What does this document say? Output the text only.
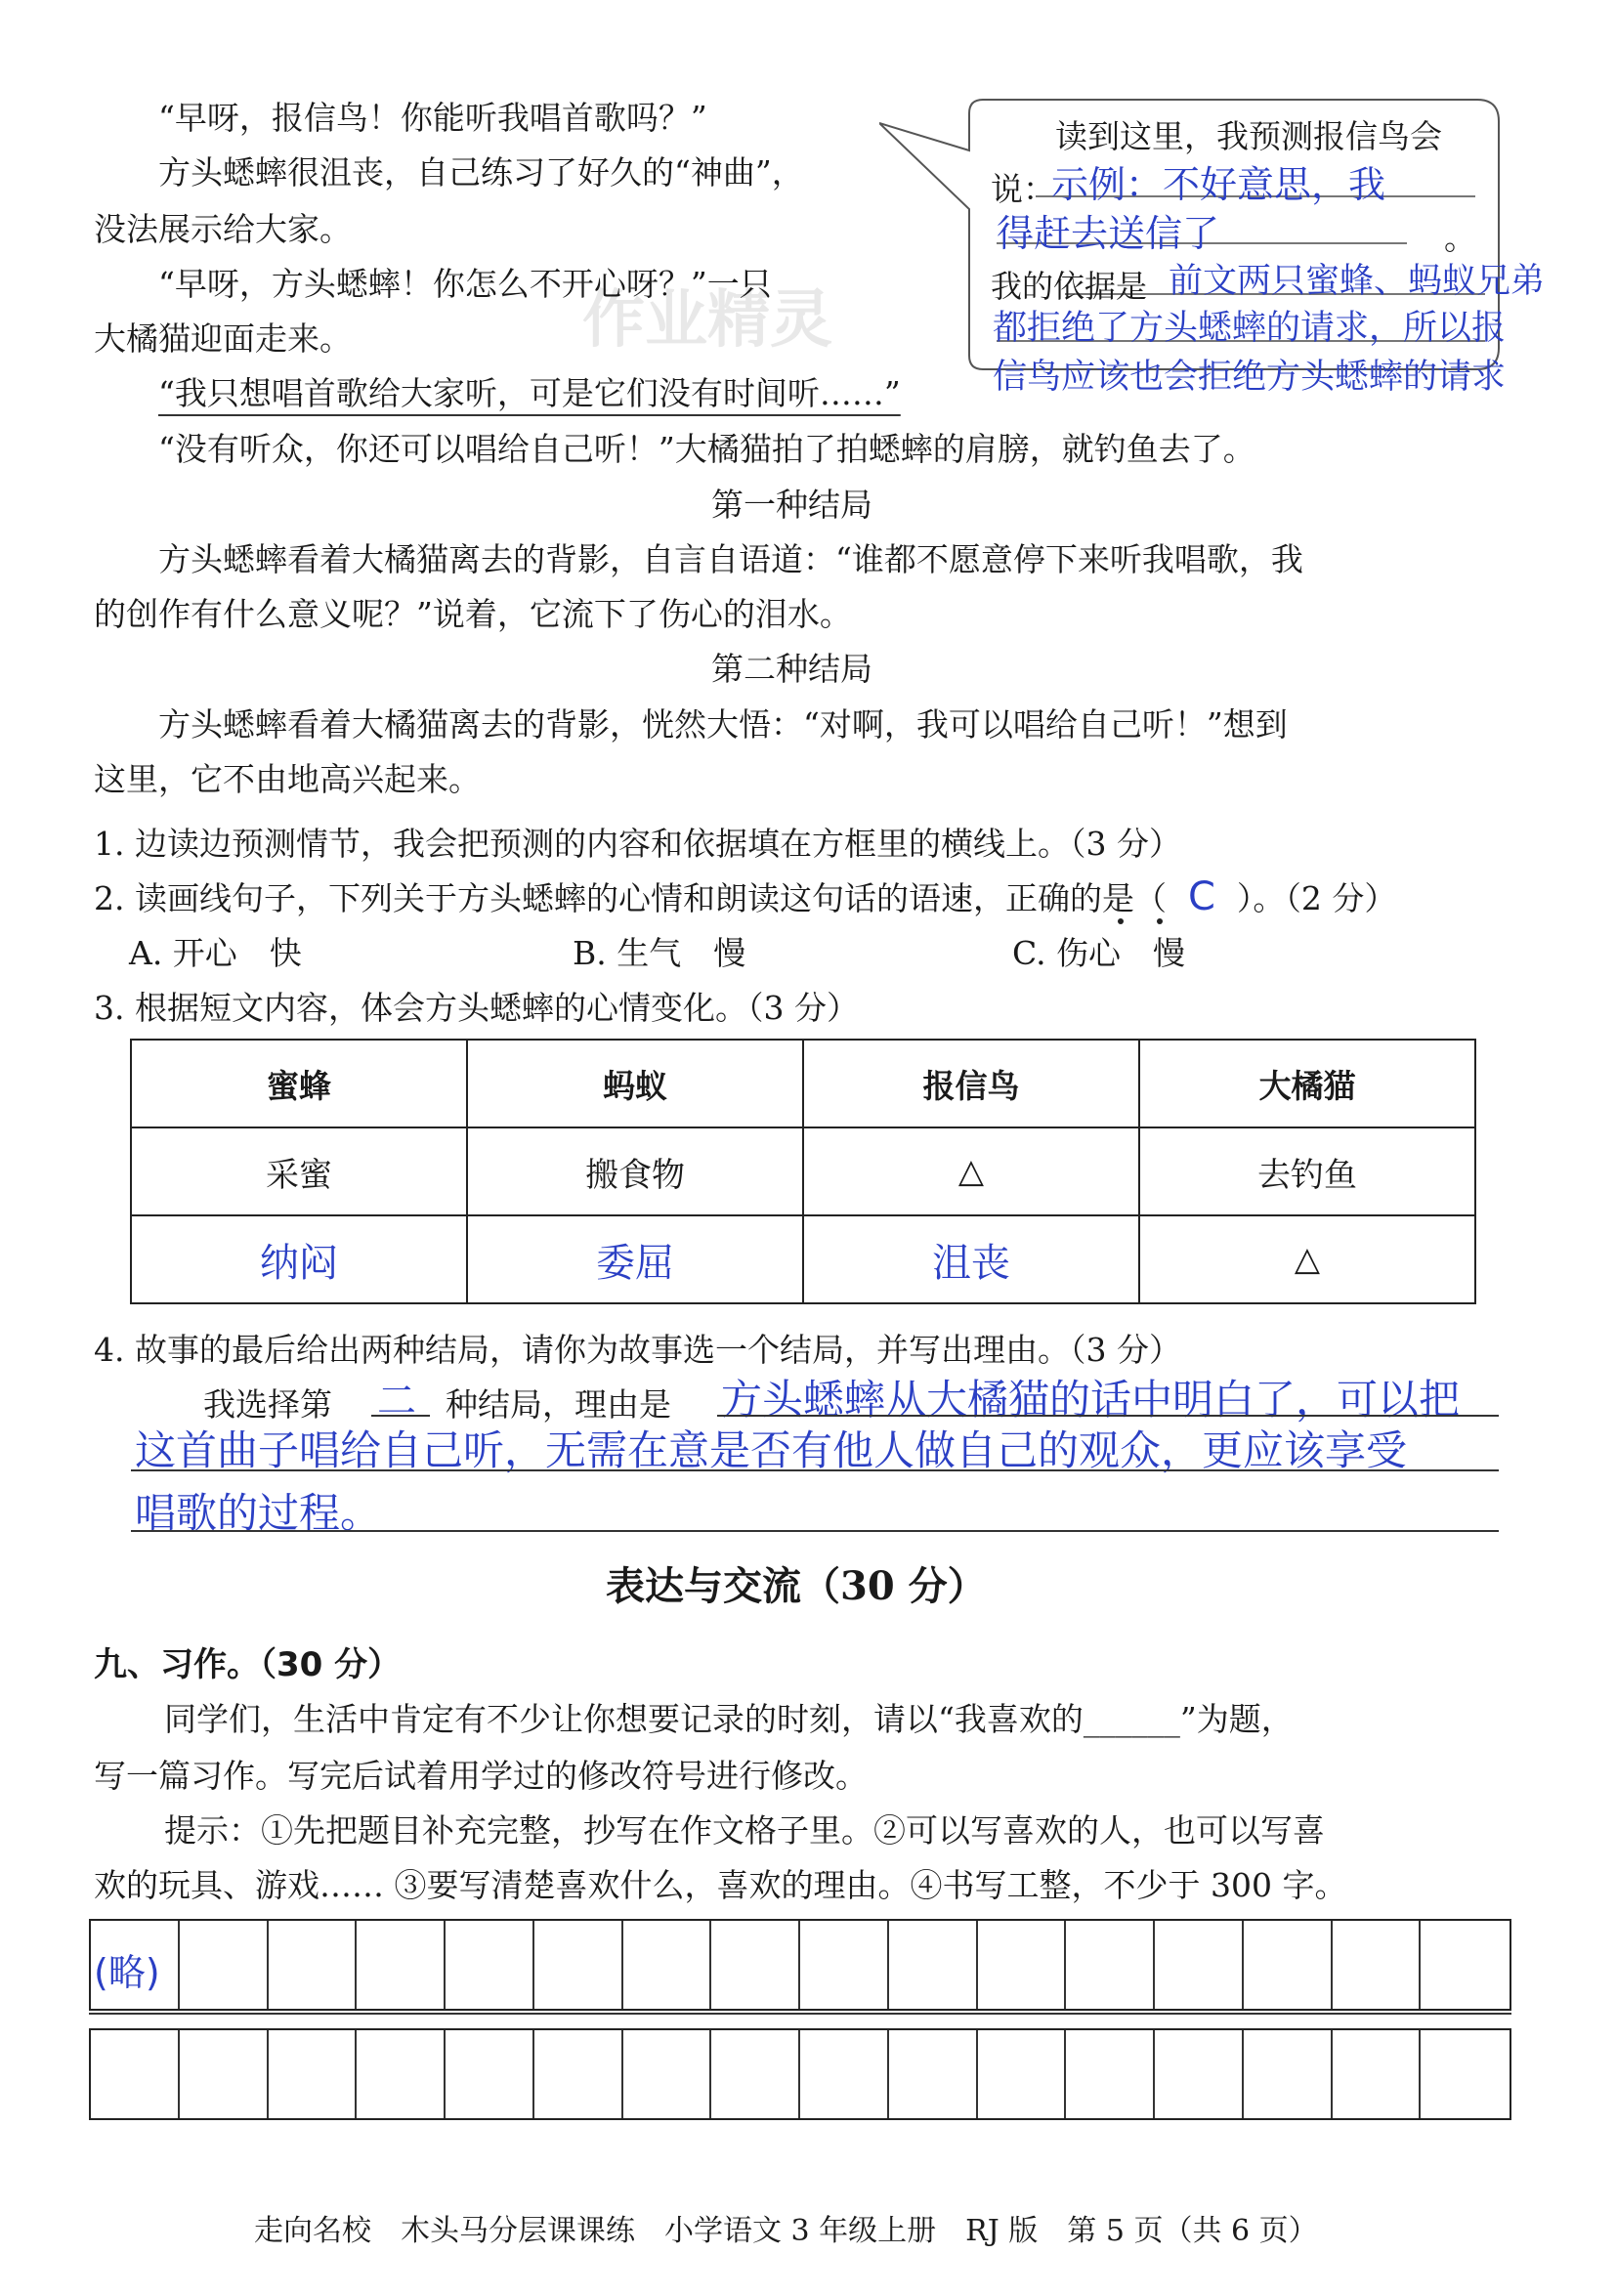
“早呀，报信鸟！你能听我唱首歌吗？”
方头蟋蟀很沮丧，自己练习了好久的“神曲”，
没法展示给大家。
“早呀，方头蟋蟀！你怎么不开心呀？”一只
大橘猫迎面走来。
“我只想唱首歌给大家听，可是它们没有时间听……”
“没有听众，你还可以唱给自己听！”大橘猫拍了拍蟋蟀的肩膀，就钓鱼去了。
第一种结局
方头蟋蟀看着大橘猫离去的背影，自言自语道：“谁都不愿意停下来听我唱歌，我
的创作有什么意义呢？”说着，它流下了伤心的泪水。
第二种结局
方头蟋蟀看着大橘猫离去的背影，恍然大悟：“对啊，我可以唱给自己听！”想到
这里，它不由地高兴起来。
作业精灵
读到这里，我预测报信鸟会
说：
示例：不好意思，我
得赶去送信了	。
我的依据是 前文两只蜜蜂、蚂蚁兄弟
都拒绝了方头蟋蟀的请求，所以报
信鸟应该也会拒绝方头蟋蟀的请求
1. 边读边预测情节，我会把预测的内容和依据填在方框里的横线上。（3 分）
2. 读画线句子，下列关于方头蟋蟀的心情和朗读这句话的语速，正确的是（ C ）。（2 分）
A. 开心　快	B. 生气　慢	C. 伤心　慢
3. 根据短文内容，体会方头蟋蟀的心情变化。（3 分）
蜜蜂	蚂蚁	报信鸟	大橘猫
采蜜	搬食物	△	去钓鱼
纳闷	委屈	沮丧	△
4. 故事的最后给出两种结局，请你为故事选一个结局，并写出理由。（3 分）
我选择第 二 种结局，理由是 方头蟋蟀从大橘猫的话中明白了，可以把
这首曲子唱给自己听，无需在意是否有他人做自己的观众，更应该享受
唱歌的过程。
表达与交流（30 分）
九、习作。（30 分）
同学们，生活中肯定有不少让你想要记录的时刻，请以“我喜欢的______”为题，
写一篇习作。写完后试着用学过的修改符号进行修改。
提示：①先把题目补充完整，抄写在作文格子里。②可以写喜欢的人，也可以写喜
欢的玩具、游戏…… ③要写清楚喜欢什么，喜欢的理由。④书写工整，不少于 300 字。
(略)
走向名校　木头马分层课课练　小学语文 3 年级上册　RJ 版　第 5 页（共 6 页）
